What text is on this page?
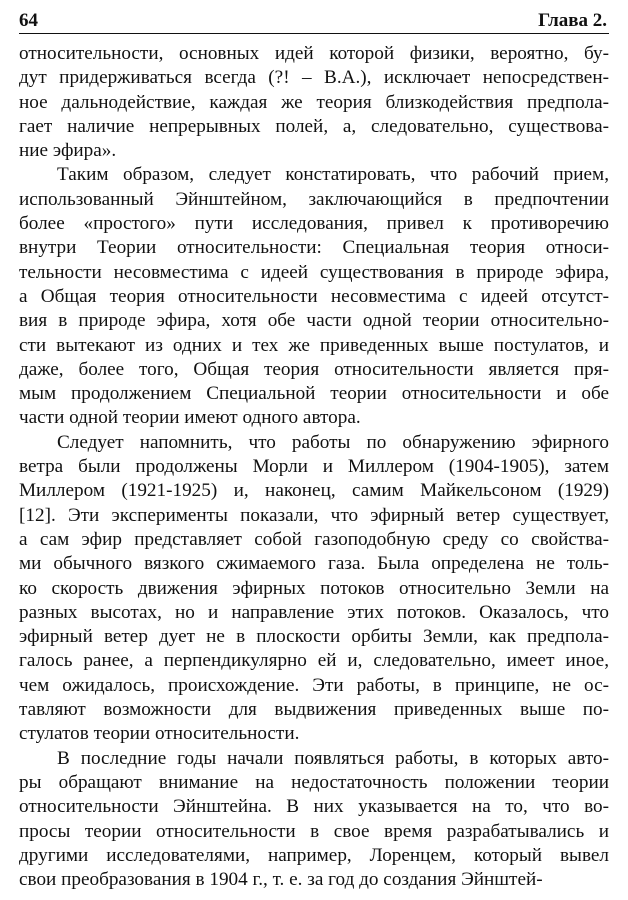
64	Глава 2.

относительности, основных идей которой физики, вероятно, бу-
дут придерживаться всегда (?! – В.А.), исключает непосредствен-
ное дальнодействие, каждая же теория близкодействия предпола-
гает наличие непрерывных полей, а, следовательно, существова-
ние эфира».

Таким образом, следует констатировать, что рабочий прием,
использованный Эйнштейном, заключающийся в предпочтении
более «простого» пути исследования, привел к противоречию
внутри Теории относительности: Специальная теория относи-
тельности несовместима с идеей существования в природе эфира,
а Общая теория относительности несовместима с идеей отсутст-
вия в природе эфира, хотя обе части одной теории относительно-
сти вытекают из одних и тех же приведенных выше постулатов, и
даже, более того, Общая теория относительности является пря-
мым продолжением Специальной теории относительности и обе
части одной теории имеют одного автора.

Следует напомнить, что работы по обнаружению эфирного
ветра были продолжены Морли и Миллером (1904-1905), затем
Миллером (1921-1925) и, наконец, самим Майкельсоном (1929)
[12]. Эти эксперименты показали, что эфирный ветер существует,
а сам эфир представляет собой газоподобную среду со свойства-
ми обычного вязкого сжимаемого газа. Была определена не толь-
ко скорость движения эфирных потоков относительно Земли на
разных высотах, но и направление этих потоков. Оказалось, что
эфирный ветер дует не в плоскости орбиты Земли, как предпола-
галось ранее, а перпендикулярно ей и, следовательно, имеет иное,
чем ожидалось, происхождение. Эти работы, в принципе, не ос-
тавляют возможности для выдвижения приведенных выше по-
стулатов теории относительности.

В последние годы начали появляться работы, в которых авто-
ры обращают внимание на недостаточность положении теории
относительности Эйнштейна. В них указывается на то, что во-
просы теории относительности в свое время разрабатывались и
другими исследователями, например, Лоренцем, который вывел
свои преобразования в 1904 г., т. е. за год до создания Эйнштей-
